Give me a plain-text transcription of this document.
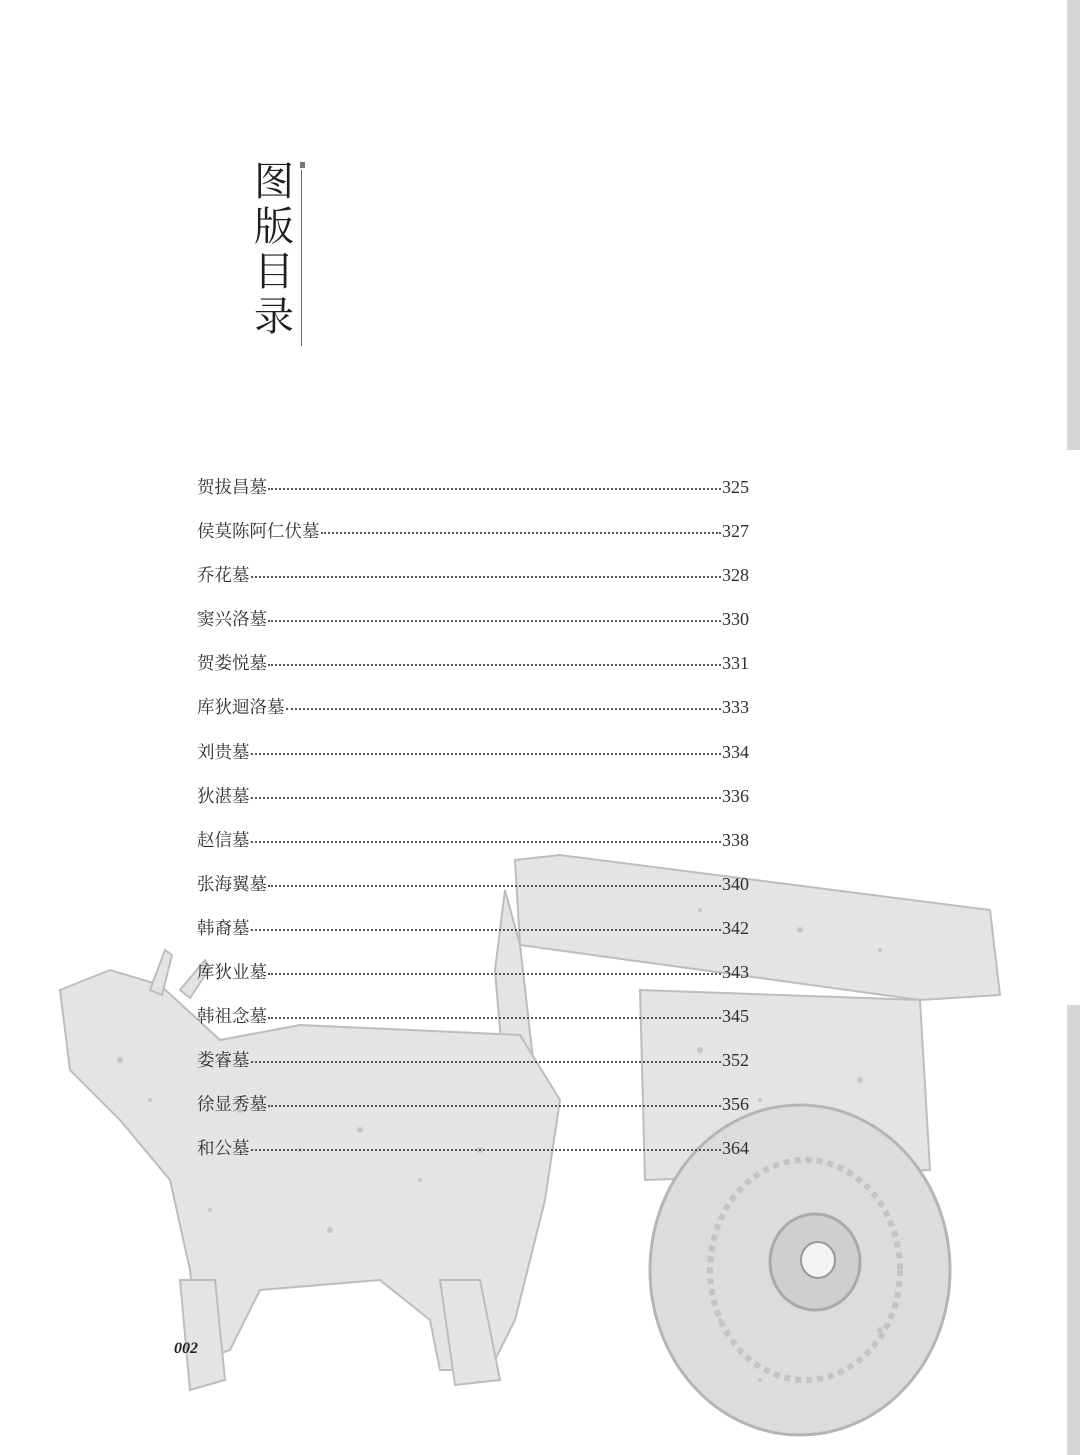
图
版
目
录
贺拔昌墓	325
侯莫陈阿仁伏墓	327
乔花墓	328
窦兴洛墓	330
贺娄悦墓	331
库狄迴洛墓	333
刘贵墓	334
狄湛墓	336
赵信墓	338
张海翼墓	340
韩裔墓	342
库狄业墓	343
韩祖念墓	345
娄睿墓	352
徐显秀墓	356
和公墓	364
002
